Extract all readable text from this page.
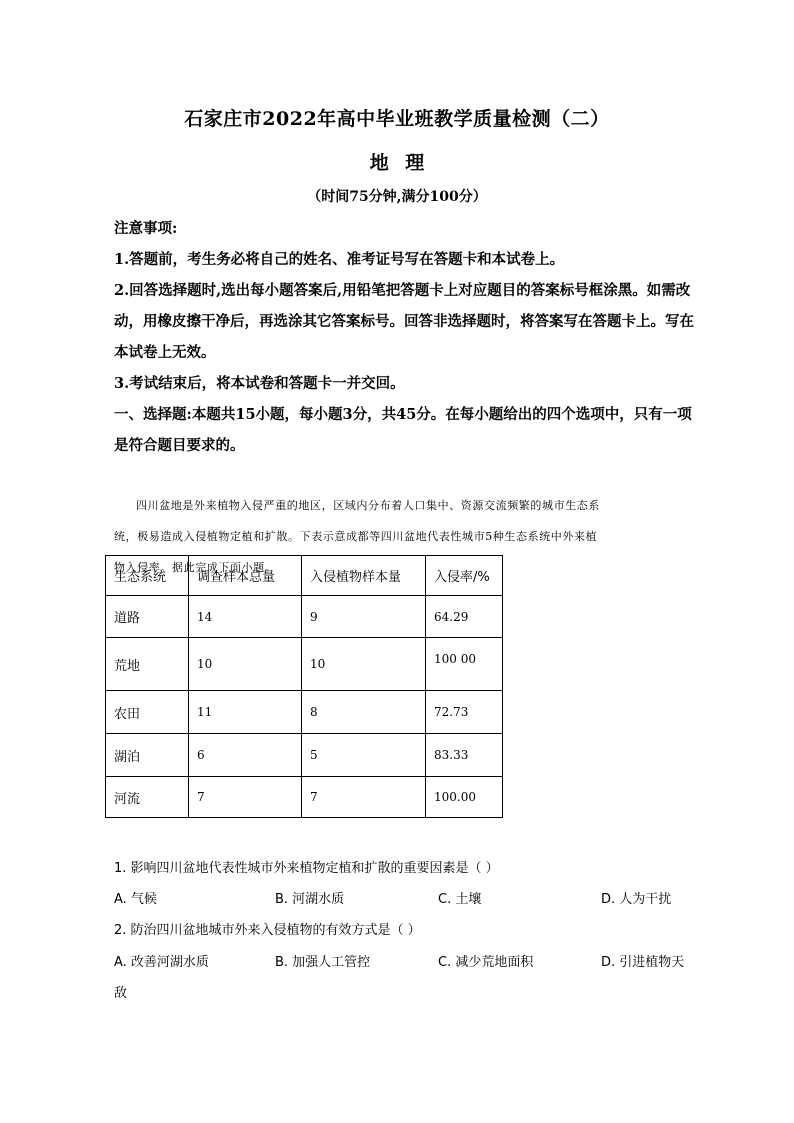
石家庄市2022年高中毕业班教学质量检测（二）
地 理
（时间75分钟,满分100分）
注意事项:
1.答题前，考生务必将自己的姓名、准考证号写在答题卡和本试卷上。
2.回答选择题时,选出每小题答案后,用铅笔把答题卡上对应题目的答案标号框涂黑。如需改动，用橡皮擦干净后，再选涂其它答案标号。回答非选择题时，将答案写在答题卡上。写在本试卷上无效。
3.考试结束后，将本试卷和答题卡一并交回。
一、选择题:本题共15小题，每小题3分，共45分。在每小题给出的四个选项中，只有一项是符合题目要求的。
四川盆地是外来植物入侵严重的地区，区域内分布着人口集中、资源交流频繁的城市生态系
统，极易造成入侵植物定植和扩散。下表示意成都等四川盆地代表性城市5种生态系统中外来植
物入侵率。据此完成下面小题。
生态系统	调查样本总量	入侵植物样本量	入侵率/%
道路	14	9	64.29
荒地	10	10	100 00
农田	11	8	72.73
湖泊	6	5	83.33
河流	7	7	100.00
1. 影响四川盆地代表性城市外来植物定植和扩散的重要因素是（ ）
A. 气候	B. 河湖水质	C. 土壤	D. 人为干扰
2. 防治四川盆地城市外来入侵植物的有效方式是（ ）
A. 改善河湖水质	B. 加强人工管控	C. 减少荒地面积	D. 引进植物天
敌
